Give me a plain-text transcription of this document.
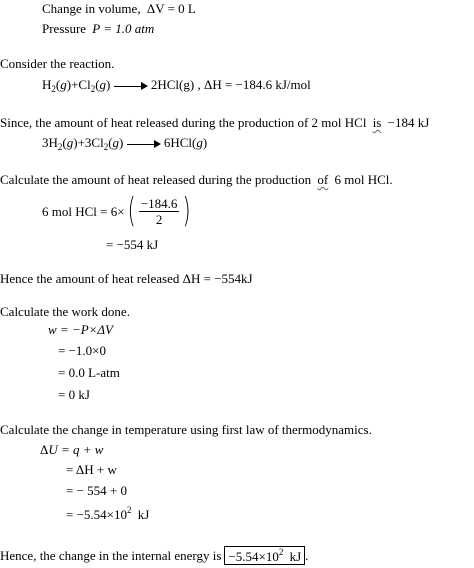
Change in volume, ΔV = 0 L
Pressure P = 1.0 atm
Consider the reaction.
$H_2(g)+Cl_2(g)$	2HCl(g) , ΔH = −184.6 kJ/mol
Since, the amount of heat released during the production of 2 mol HCl is −184 kJ
$3H_2(g)+3Cl_2(g)$	6HCl(g)
Calculate the amount of heat released during the production of 6 mol HCl.
6 mol HCl = 6× ( $\frac{-184.6}{2}$ )
= −554 kJ
Hence the amount of heat released ΔH = −554kJ
Calculate the work done.
w = −P×ΔV
= −1.0×0
= 0.0 L-atm
= 0 kJ
Calculate the change in temperature using first law of thermodynamics.
ΔU = q + w
= ΔH + w
= − 554 + 0
= $-5.54\times 10^2$ kJ
Hence, the change in the internal energy is $-5.54\times 10^2$ kJ .
